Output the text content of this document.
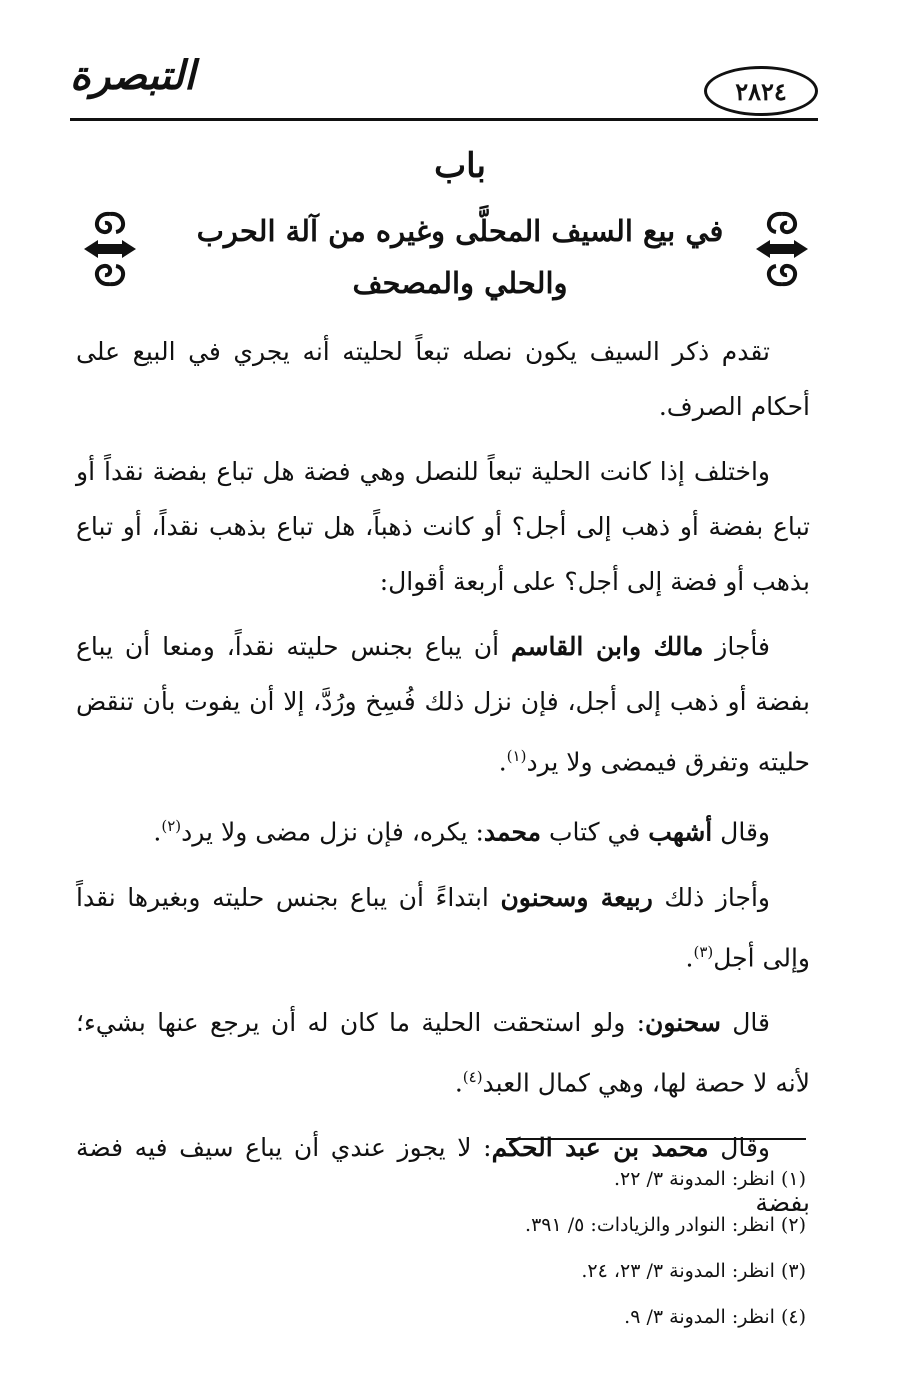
التبصرة	٢٨٢٤
باب
في بيع السيف المحلَّى وغيره من آلة الحرب
والحلي والمصحف

تقدم ذكر السيف يكون نصله تبعاً لحليته أنه يجري في البيع على أحكام الصرف.

واختلف إذا كانت الحلية تبعاً للنصل وهي فضة هل تباع بفضة نقداً أو تباع بفضة أو ذهب إلى أجل؟ أو كانت ذهباً، هل تباع بذهب نقداً، أو تباع بذهب أو فضة إلى أجل؟ على أربعة أقوال:

فأجاز مالك وابن القاسم أن يباع بجنس حليته نقداً، ومنعا أن يباع بفضة أو ذهب إلى أجل، فإن نزل ذلك فُسِخ ورُدَّ، إلا أن يفوت بأن تنقض حليته وتفرق فيمضى ولا يرد$^{(١)}$.

وقال أشهب في كتاب محمد: يكره، فإن نزل مضى ولا يرد$^{(٢)}$.

وأجاز ذلك ربيعة وسحنون ابتداءً أن يباع بجنس حليته وبغيرها نقداً وإلى أجل$^{(٣)}$.

قال سحنون: ولو استحقت الحلية ما كان له أن يرجع عنها بشيء؛ لأنه لا حصة لها، وهي كمال العبد$^{(٤)}$.

وقال محمد بن عبد الحكم: لا يجوز عندي أن يباع سيف فيه فضة بفضة

(١) انظر: المدونة ٣/ ٢٢.
(٢) انظر: النوادر والزيادات: ٥/ ٣٩١.
(٣) انظر: المدونة ٣/ ٢٣، ٢٤.
(٤) انظر: المدونة ٣/ ٩.
